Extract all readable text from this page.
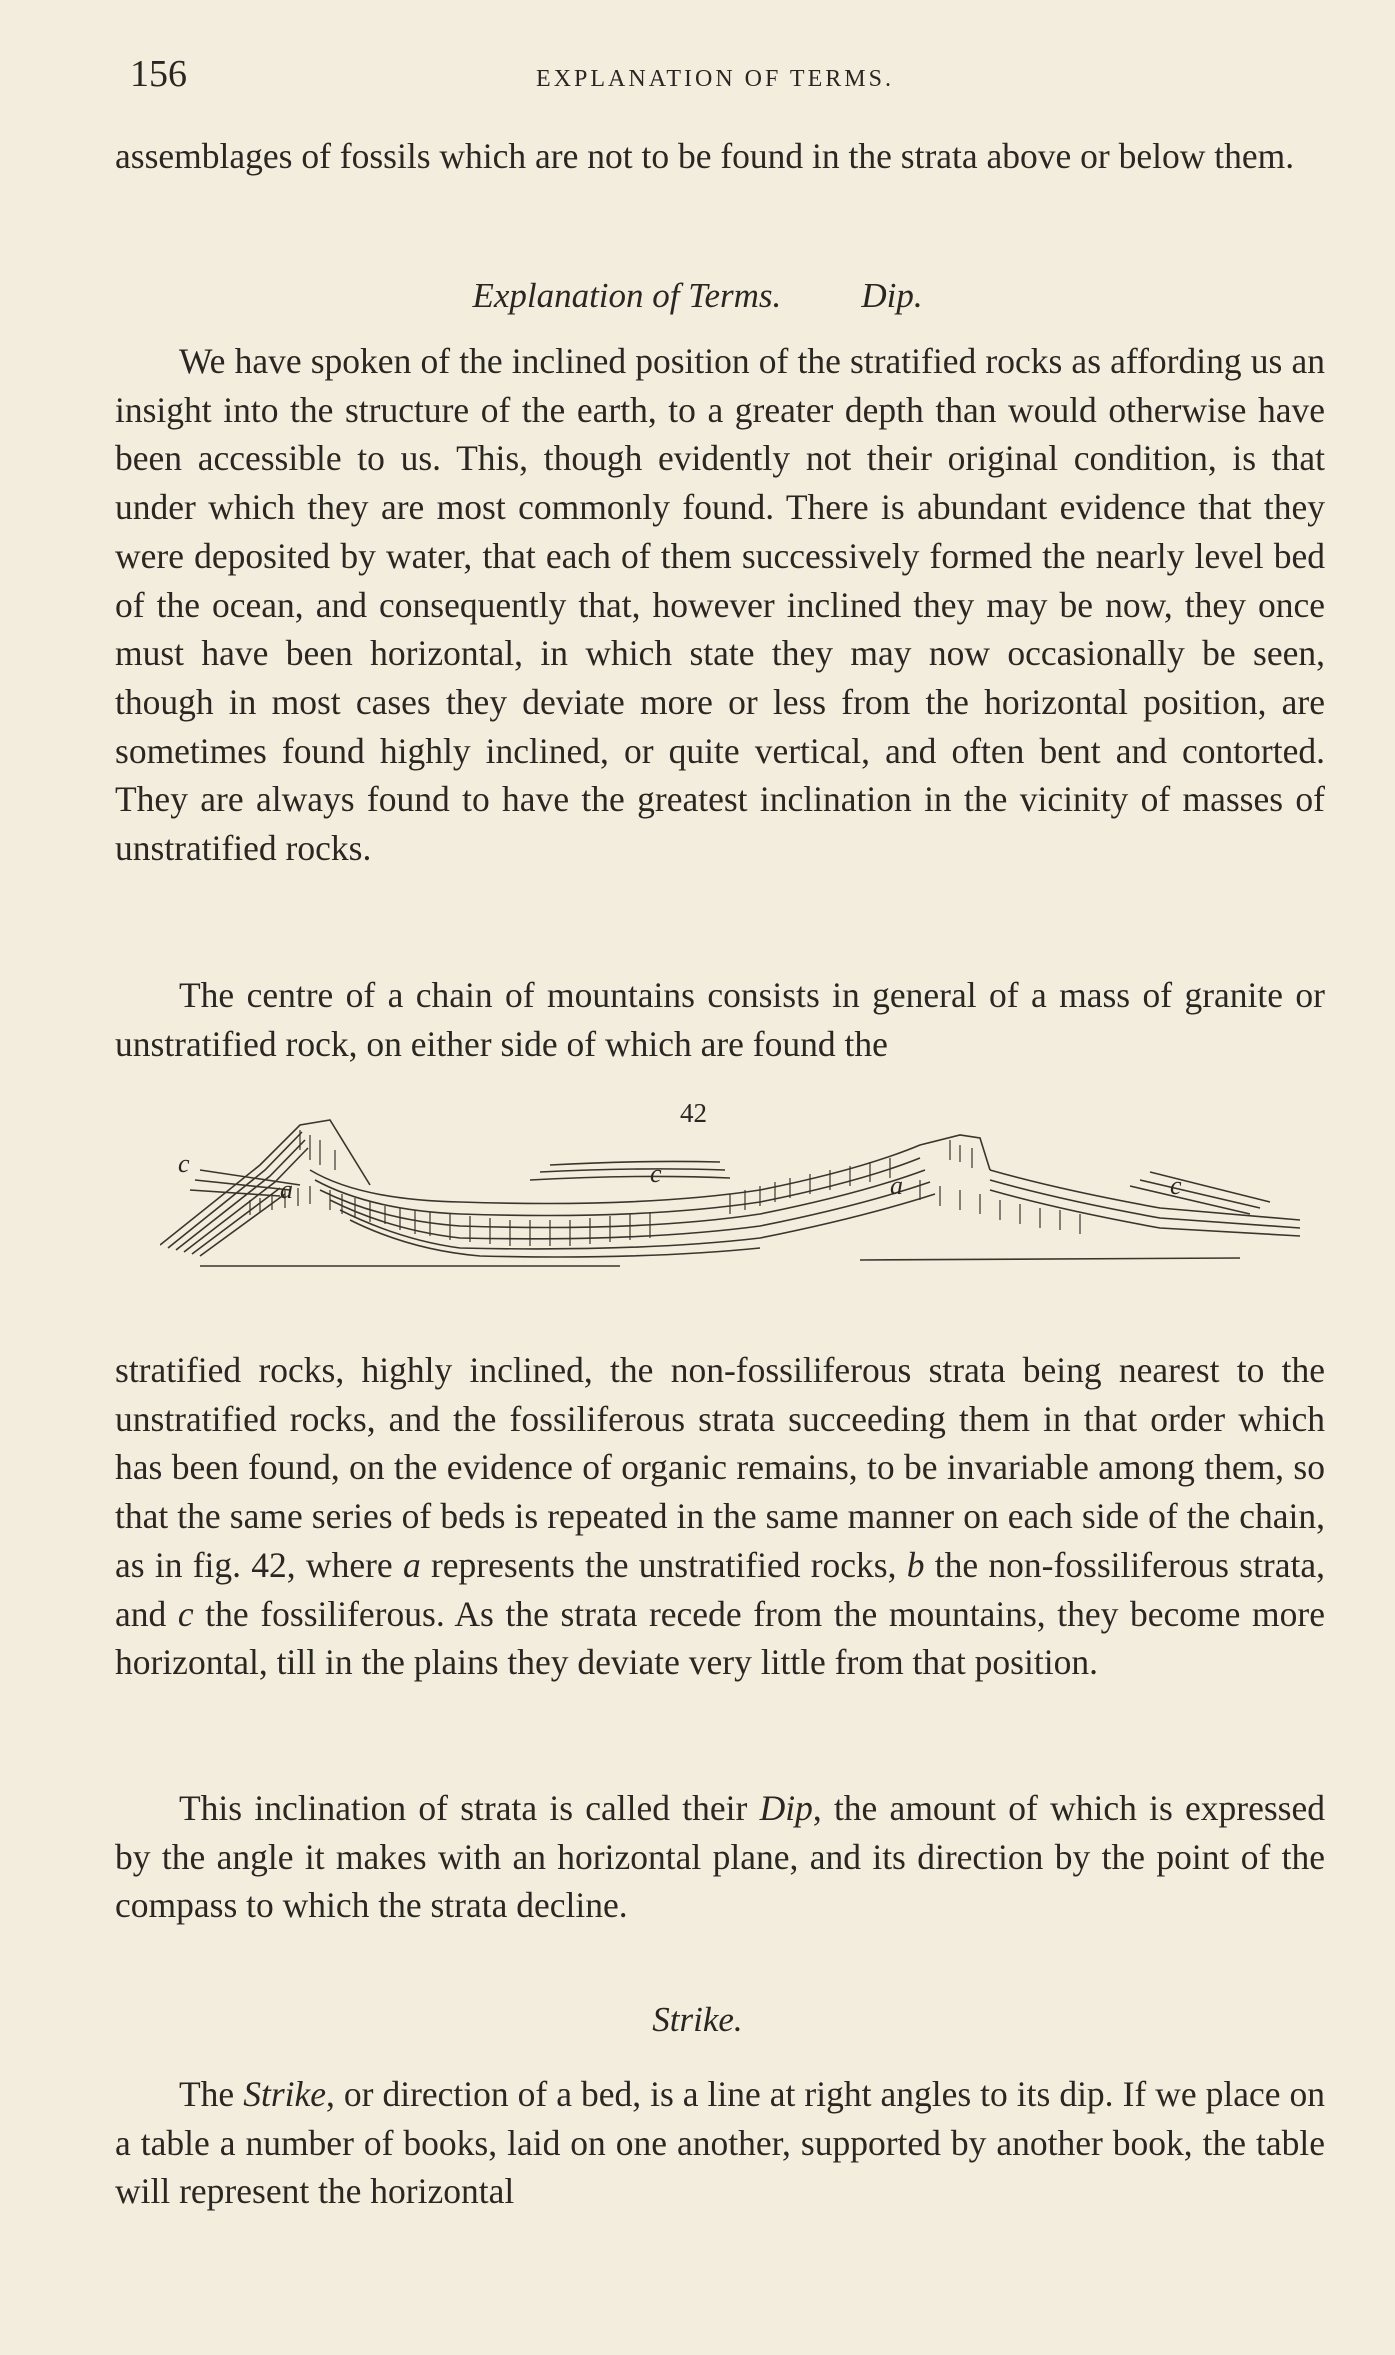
156	EXPLANATION OF TERMS.

assemblages of fossils which are not to be found in the strata above or below them.

Explanation of Terms. Dip.

We have spoken of the inclined position of the stratified rocks as affording us an insight into the structure of the earth, to a greater depth than would otherwise have been accessible to us. This, though evidently not their original condition, is that under which they are most commonly found. There is abundant evidence that they were deposited by water, that each of them successively formed the nearly level bed of the ocean, and consequently that, however inclined they may be now, they once must have been horizontal, in which state they may now occasionally be seen, though in most cases they deviate more or less from the horizontal position, are sometimes found highly inclined, or quite vertical, and often bent and contorted. They are always found to have the greatest inclination in the vicinity of masses of unstratified rocks.

The centre of a chain of mountains consists in general of a mass of granite or unstratified rock, on either side of which are found the

42
c
a
c	a	c

stratified rocks, highly inclined, the non-fossiliferous strata being nearest to the unstratified rocks, and the fossiliferous strata succeeding them in that order which has been found, on the evidence of organic remains, to be invariable among them, so that the same series of beds is repeated in the same manner on each side of the chain, as in fig. 42, where a represents the unstratified rocks, b the non-fossiliferous strata, and c the fossiliferous. As the strata recede from the mountains, they become more horizontal, till in the plains they deviate very little from that position.

This inclination of strata is called their Dip, the amount of which is expressed by the angle it makes with an horizontal plane, and its direction by the point of the compass to which the strata decline.

Strike.

The Strike, or direction of a bed, is a line at right angles to its dip. If we place on a table a number of books, laid on one another, supported by another book, the table will represent the horizontal
